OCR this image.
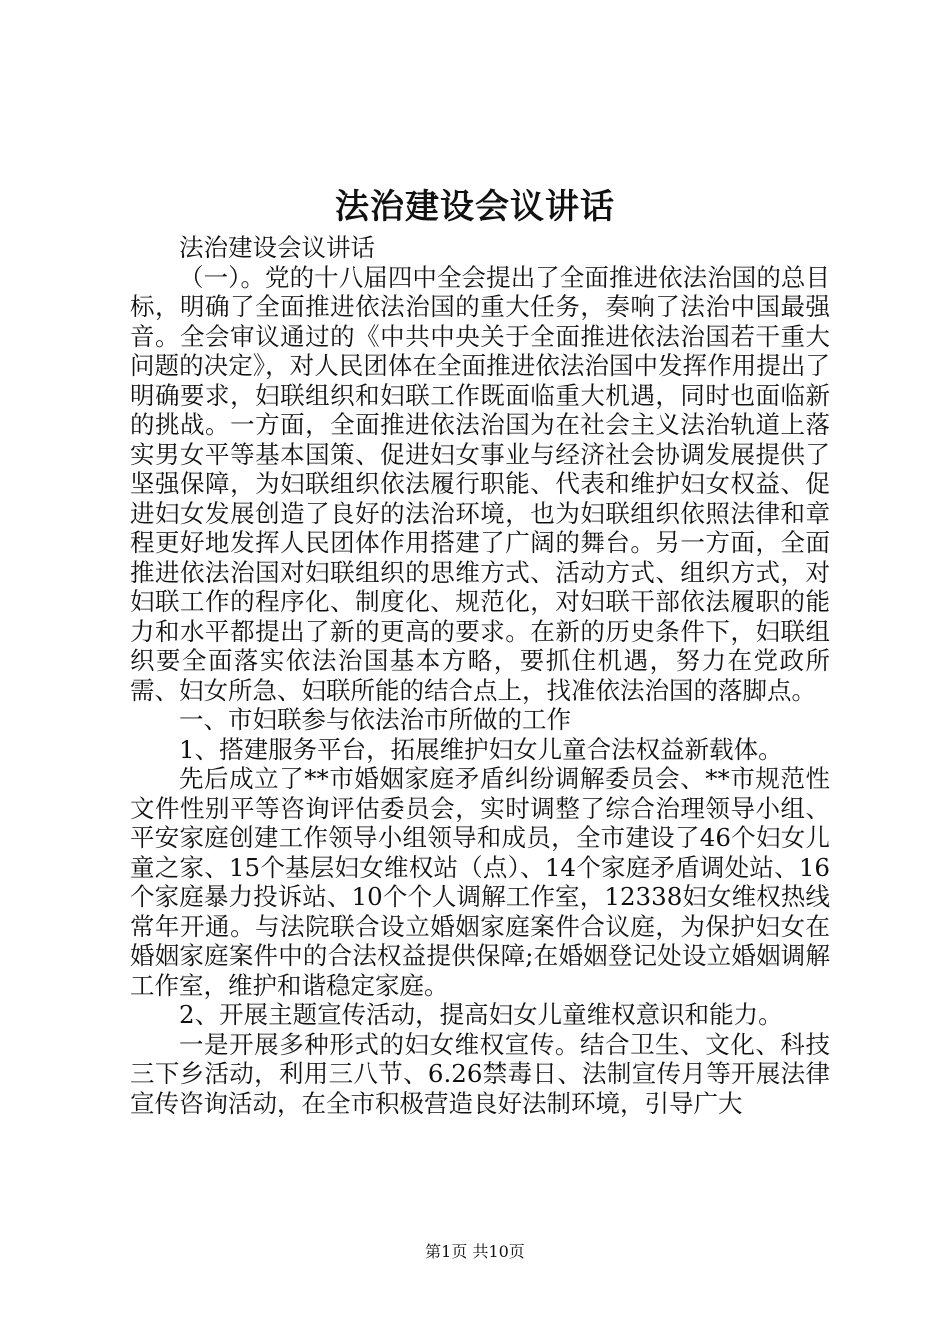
法治建设会议讲话

法治建设会议讲话

（一）。党的十八届四中全会提出了全面推进依法治国的总目标，明确了全面推进依法治国的重大任务，奏响了法治中国最强音。全会审议通过的《中共中央关于全面推进依法治国若干重大问题的决定》，对人民团体在全面推进依法治国中发挥作用提出了明确要求，妇联组织和妇联工作既面临重大机遇，同时也面临新的挑战。一方面，全面推进依法治国为在社会主义法治轨道上落实男女平等基本国策、促进妇女事业与经济社会协调发展提供了坚强保障，为妇联组织依法履行职能、代表和维护妇女权益、促进妇女发展创造了良好的法治环境，也为妇联组织依照法律和章程更好地发挥人民团体作用搭建了广阔的舞台。另一方面，全面推进依法治国对妇联组织的思维方式、活动方式、组织方式，对妇联工作的程序化、制度化、规范化，对妇联干部依法履职的能力和水平都提出了新的更高的要求。在新的历史条件下，妇联组织要全面落实依法治国基本方略，要抓住机遇，努力在党政所需、妇女所急、妇联所能的结合点上，找准依法治国的落脚点。

一、市妇联参与依法治市所做的工作

1、搭建服务平台，拓展维护妇女儿童合法权益新载体。

先后成立了**市婚姻家庭矛盾纠纷调解委员会、**市规范性文件性别平等咨询评估委员会，实时调整了综合治理领导小组、平安家庭创建工作领导小组领导和成员，全市建设了46个妇女儿童之家、15个基层妇女维权站（点）、14个家庭矛盾调处站、16个家庭暴力投诉站、10个个人调解工作室，12338妇女维权热线常年开通。与法院联合设立婚姻家庭案件合议庭，为保护妇女在婚姻家庭案件中的合法权益提供保障;在婚姻登记处设立婚姻调解工作室，维护和谐稳定家庭。

2、开展主题宣传活动，提高妇女儿童维权意识和能力。

一是开展多种形式的妇女维权宣传。结合卫生、文化、科技三下乡活动，利用三八节、6.26禁毒日、法制宣传月等开展法律宣传咨询活动，在全市积极营造良好法制环境，引导广大

第1页 共10页
